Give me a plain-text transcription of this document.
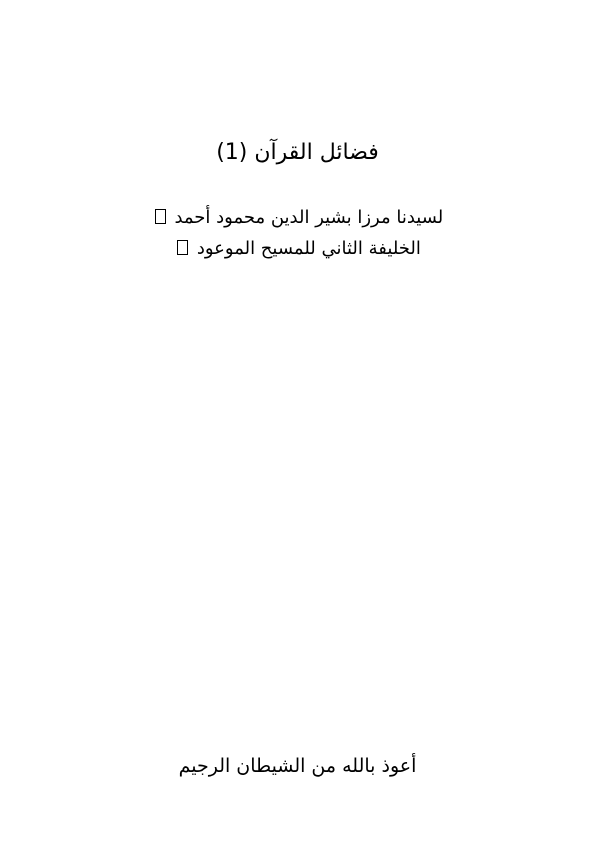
فضائل القرآن (1)
لسيدنا مرزا بشير الدين محمود أحمد
الخليفة الثاني للمسيح الموعود
أعوذ بالله من الشيطان الرجيم
